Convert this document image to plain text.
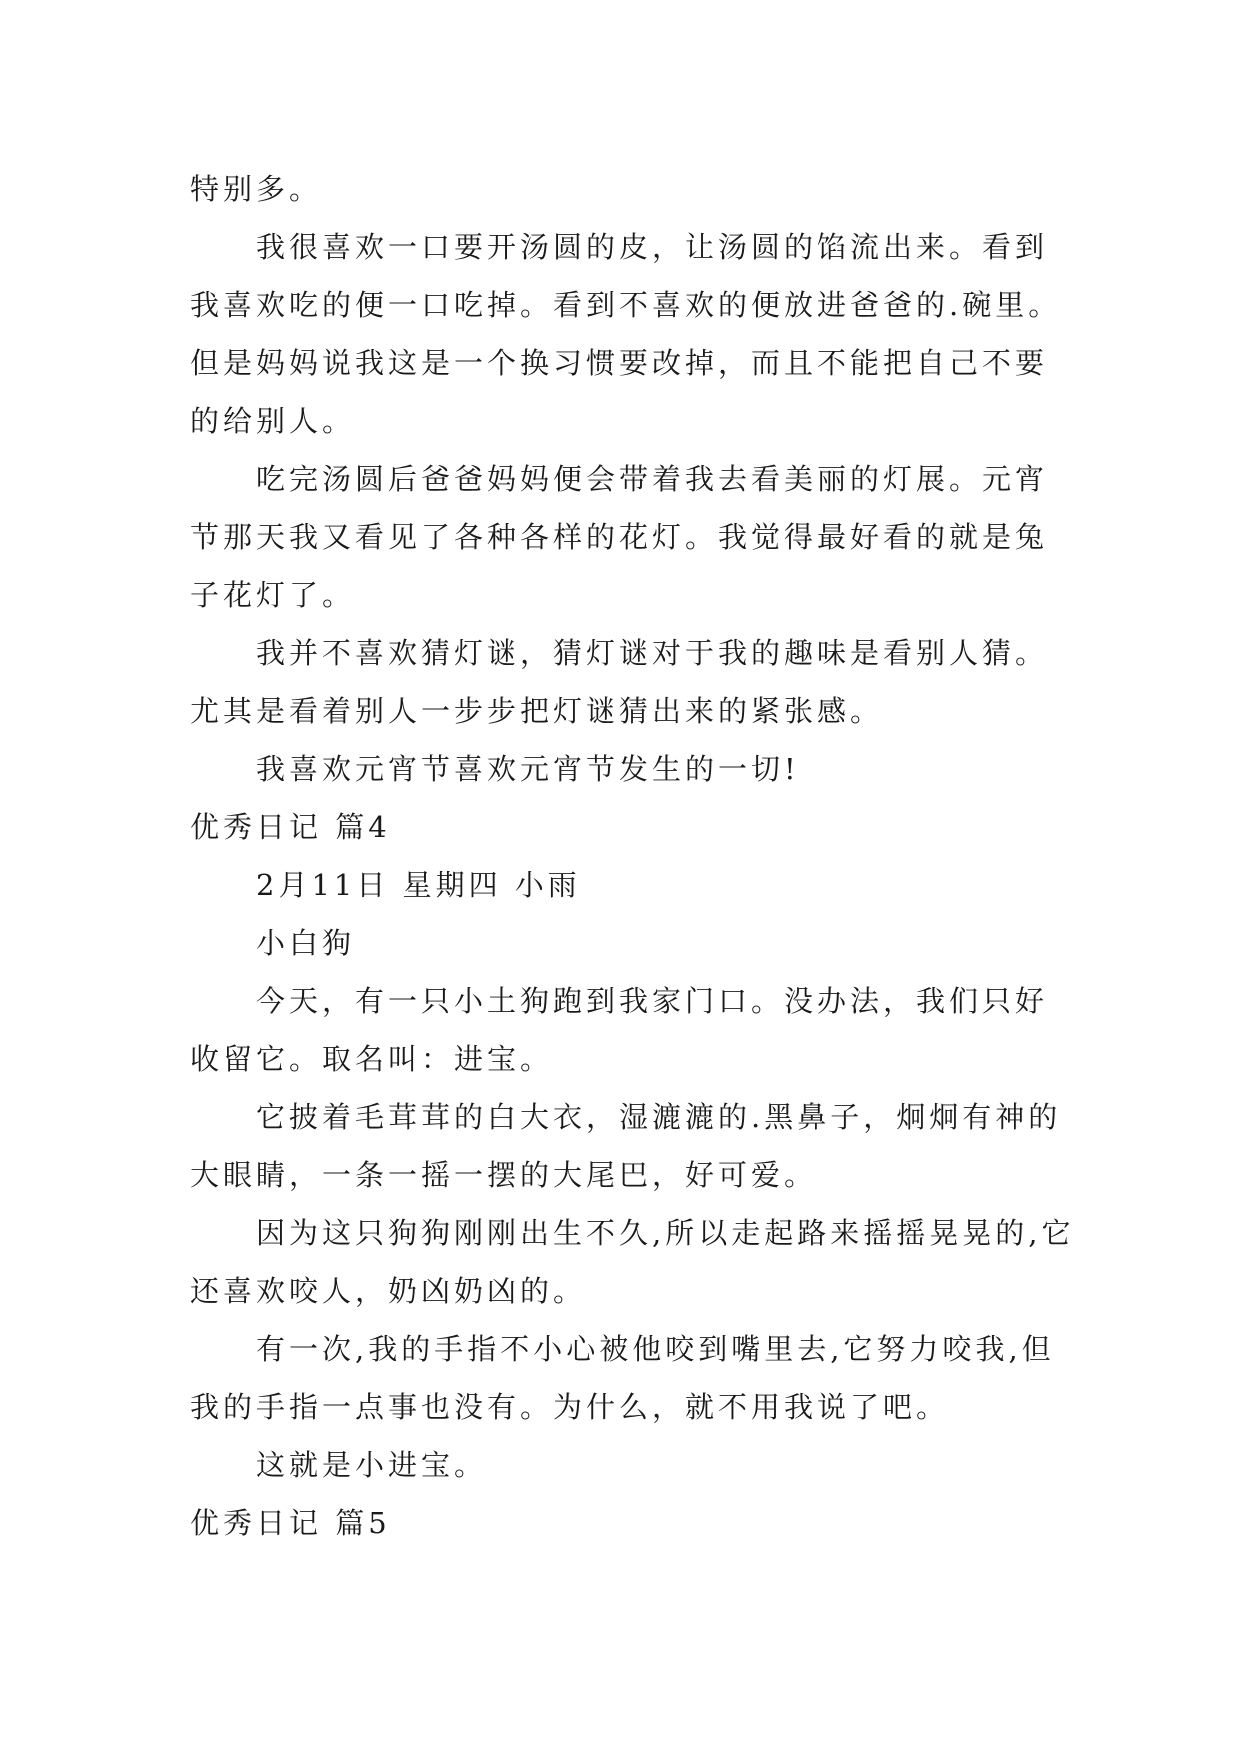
特别多。

我很喜欢一口要开汤圆的皮，让汤圆的馅流出来。看到我喜欢吃的便一口吃掉。看到不喜欢的便放进爸爸的.碗里。但是妈妈说我这是一个换习惯要改掉，而且不能把自己不要的给别人。

吃完汤圆后爸爸妈妈便会带着我去看美丽的灯展。元宵节那天我又看见了各种各样的花灯。我觉得最好看的就是兔子花灯了。

我并不喜欢猜灯谜，猜灯谜对于我的趣味是看别人猜。尤其是看着别人一步步把灯谜猜出来的紧张感。

我喜欢元宵节喜欢元宵节发生的一切!

优秀日记 篇4

2月11日 星期四 小雨

小白狗

今天，有一只小土狗跑到我家门口。没办法，我们只好收留它。取名叫：进宝。

它披着毛茸茸的白大衣，湿漉漉的.黑鼻子，炯炯有神的大眼睛，一条一摇一摆的大尾巴，好可爱。

因为这只狗狗刚刚出生不久,所以走起路来摇摇晃晃的,它还喜欢咬人，奶凶奶凶的。

有一次,我的手指不小心被他咬到嘴里去,它努力咬我,但我的手指一点事也没有。为什么，就不用我说了吧。

这就是小进宝。

优秀日记 篇5
